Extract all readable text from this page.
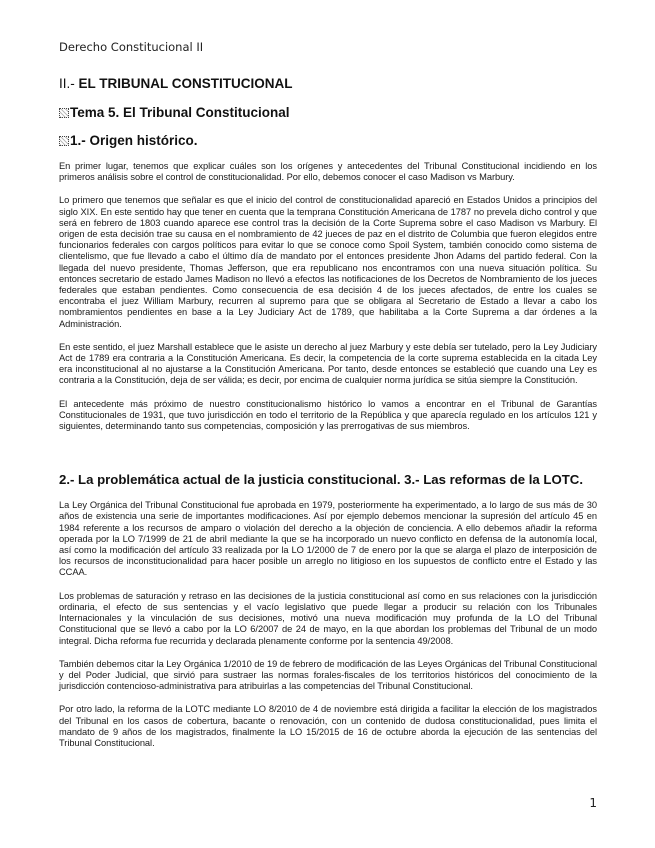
Derecho Constitucional II
II.- EL TRIBUNAL CONSTITUCIONAL
Tema 5. El Tribunal Constitucional
1.- Origen histórico.

En primer lugar, tenemos que explicar cuáles son los orígenes y antecedentes del Tribunal Constitucional incidiendo en los primeros análisis sobre el control de constitucionalidad. Por ello, debemos conocer el caso Madison vs Marbury.

Lo primero que tenemos que señalar es que el inicio del control de constitucionalidad apareció en Estados Unidos a principios del siglo XIX. En este sentido hay que tener en cuenta que la temprana Constitución Americana de 1787 no prevela dicho control y que será en febrero de 1803 cuando aparece ese control tras la decisión de la Corte Suprema sobre el caso Madison vs Marbury. El origen de esta decisión trae su causa en el nombramiento de 42 jueces de paz en el distrito de Columbia que fueron elegidos entre funcionarios federales con cargos políticos para evitar lo que se conoce como Spoil System, también conocido como sistema de clientelismo, que fue llevado a cabo el último día de mandato por el entonces presidente Jhon Adams del partido federal. Con la llegada del nuevo presidente, Thomas Jefferson, que era republicano nos encontramos con una nueva situación política. Su entonces secretario de estado James Madison no llevó a efectos las notificaciones de los Decretos de Nombramiento de los jueces federales que estaban pendientes. Como consecuencia de esa decisión 4 de los jueces afectados, de entre los cuales se encontraba el juez William Marbury, recurren al supremo para que se obligara al Secretario de Estado a llevar a cabo los nombramientos pendientes en base a la Ley Judiciary Act de 1789, que habilitaba a la Corte Suprema a dar órdenes a la Administración.

En este sentido, el juez Marshall establece que le asiste un derecho al juez Marbury y este debía ser tutelado, pero la Ley Judiciary Act de 1789 era contraria a la Constitución Americana. Es decir, la competencia de la corte suprema establecida en la citada Ley era inconstitucional al no ajustarse a la Constitución Americana. Por tanto, desde entonces se estableció que cuando una Ley es contraria a la Constitución, deja de ser válida; es decir, por encima de cualquier norma jurídica se sitúa siempre la Constitución.

El antecedente más próximo de nuestro constitucionalismo histórico lo vamos a encontrar en el Tribunal de Garantías Constitucionales de 1931, que tuvo jurisdicción en todo el territorio de la República y que aparecía regulado en los artículos 121 y siguientes, determinando tanto sus competencias, composición y las prerrogativas de sus miembros.

2.- La problemática actual de la justicia constitucional. 3.- Las reformas de la LOTC.

La Ley Orgánica del Tribunal Constitucional fue aprobada en 1979, posteriormente ha experimentado, a lo largo de sus más de 30 años de existencia una serie de importantes modificaciones. Así por ejemplo debemos mencionar la supresión del artículo 45 en 1984 referente a los recursos de amparo o violación del derecho a la objeción de conciencia. A ello debemos añadir la reforma operada por la LO 7/1999 de 21 de abril mediante la que se ha incorporado un nuevo conflicto en defensa de la autonomía local, así como la modificación del artículo 33 realizada por la LO 1/2000 de 7 de enero por la que se alarga el plazo de interposición de los recursos de inconstitucionalidad para hacer posible un arreglo no litigioso en los supuestos de conflicto entre el Estado y las CCAA.

Los problemas de saturación y retraso en las decisiones de la justicia constitucional así como en sus relaciones con la jurisdicción ordinaria, el efecto de sus sentencias y el vacío legislativo que puede llegar a producir su relación con los Tribunales Internacionales y la vinculación de sus decisiones, motivó una nueva modificación muy profunda de la LO del Tribunal Constitucional que se llevó a cabo por la LO 6/2007 de 24 de mayo, en la que abordan los problemas del Tribunal de un modo integral. Dicha reforma fue recurrida y declarada plenamente conforme por la sentencia 49/2008.

También debemos citar la Ley Orgánica 1/2010 de 19 de febrero de modificación de las Leyes Orgánicas del Tribunal Constitucional y del Poder Judicial, que sirvió para sustraer las normas forales-fiscales de los territorios históricos del conocimiento de la jurisdicción contencioso-administrativa para atribuirlas a las competencias del Tribunal Constitucional.

Por otro lado, la reforma de la LOTC mediante LO 8/2010 de 4 de noviembre está dirigida a facilitar la elección de los magistrados del Tribunal en los casos de cobertura, bacante o renovación, con un contenido de dudosa constitucionalidad, pues limita el mandato de 9 años de los magistrados, finalmente la LO 15/2015 de 16 de octubre aborda la ejecución de las sentencias del Tribunal Constitucional.

1
